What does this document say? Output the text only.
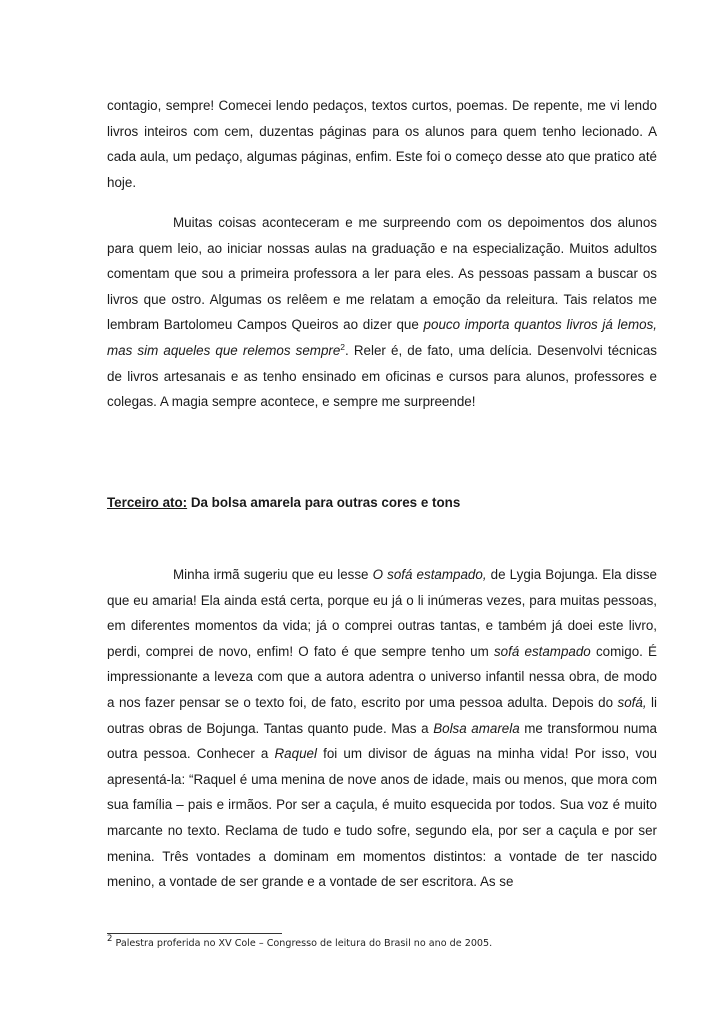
contagio, sempre! Comecei lendo pedaços, textos curtos, poemas. De repente, me vi lendo livros inteiros com cem, duzentas páginas para os alunos para quem tenho lecionado. A cada aula, um pedaço, algumas páginas, enfim. Este foi o começo desse ato que pratico até hoje.

Muitas coisas aconteceram e me surpreendo com os depoimentos dos alunos para quem leio, ao iniciar nossas aulas na graduação e na especialização. Muitos adultos comentam que sou a primeira professora a ler para eles. As pessoas passam a buscar os livros que ostro. Algumas os relêem e me relatam a emoção da releitura. Tais relatos me lembram Bartolomeu Campos Queiros ao dizer que pouco importa quantos livros já lemos, mas sim aqueles que relemos sempre$^2$. Reler é, de fato, uma delícia. Desenvolvi técnicas de livros artesanais e as tenho ensinado em oficinas e cursos para alunos, professores e colegas. A magia sempre acontece, e sempre me surpreende!

Terceiro ato: Da bolsa amarela para outras cores e tons

Minha irmã sugeriu que eu lesse O sofá estampado, de Lygia Bojunga. Ela disse que eu amaria! Ela ainda está certa, porque eu já o li inúmeras vezes, para muitas pessoas, em diferentes momentos da vida; já o comprei outras tantas, e também já doei este livro, perdi, comprei de novo, enfim! O fato é que sempre tenho um sofá estampado comigo. É impressionante a leveza com que a autora adentra o universo infantil nessa obra, de modo a nos fazer pensar se o texto foi, de fato, escrito por uma pessoa adulta. Depois do sofá, li outras obras de Bojunga. Tantas quanto pude. Mas a Bolsa amarela me transformou numa outra pessoa. Conhecer a Raquel foi um divisor de águas na minha vida! Por isso, vou apresentá-la: “Raquel é uma menina de nove anos de idade, mais ou menos, que mora com sua família – pais e irmãos. Por ser a caçula, é muito esquecida por todos. Sua voz é muito marcante no texto. Reclama de tudo e tudo sofre, segundo ela, por ser a caçula e por ser menina. Três vontades a dominam em momentos distintos: a vontade de ter nascido menino, a vontade de ser grande e a vontade de ser escritora. As se

$^2$ Palestra proferida no XV Cole – Congresso de leitura do Brasil no ano de 2005.
